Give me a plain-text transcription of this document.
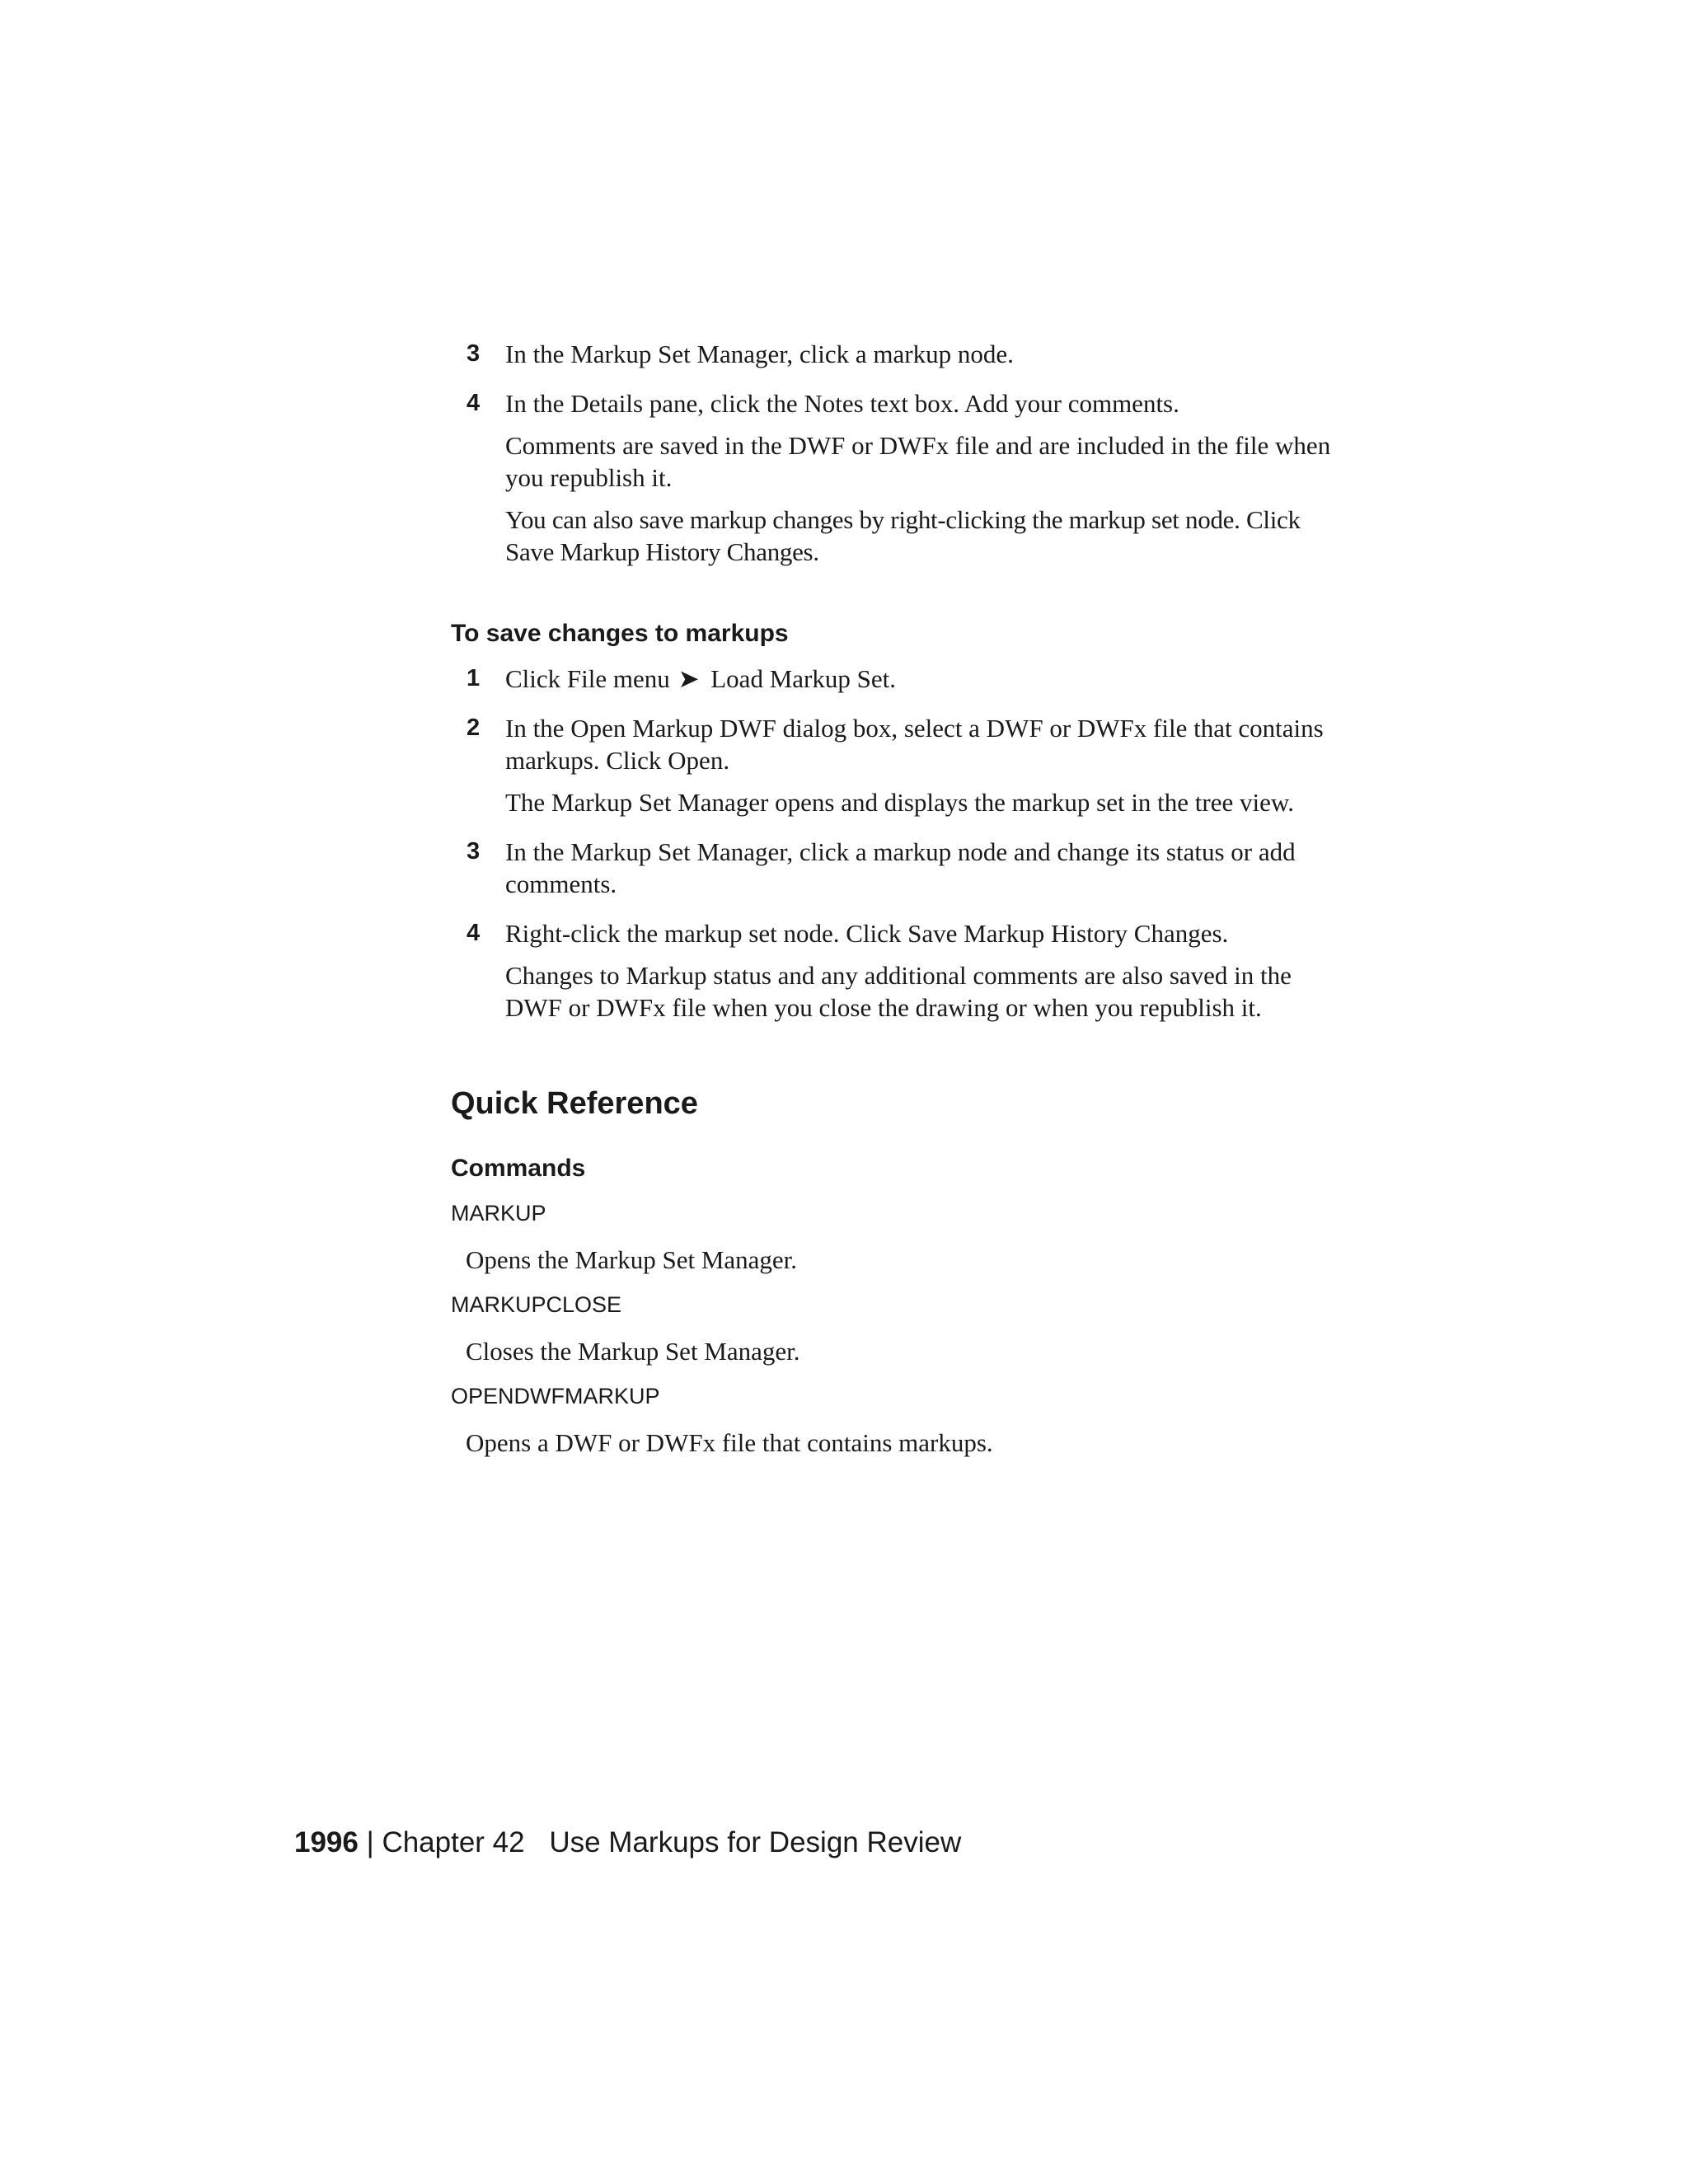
3 In the Markup Set Manager, click a markup node.

4 In the Details pane, click the Notes text box. Add your comments.

Comments are saved in the DWF or DWFx file and are included in the file when you republish it.

You can also save markup changes by right-clicking the markup set node. Click Save Markup History Changes.

To save changes to markups
1 Click File menu ➤ Load Markup Set.

2 In the Open Markup DWF dialog box, select a DWF or DWFx file that contains markups. Click Open.

The Markup Set Manager opens and displays the markup set in the tree view.

3 In the Markup Set Manager, click a markup node and change its status or add comments.

4 Right-click the markup set node. Click Save Markup History Changes.

Changes to Markup status and any additional comments are also saved in the DWF or DWFx file when you close the drawing or when you republish it.

Quick Reference
Commands
MARKUP
Opens the Markup Set Manager.
MARKUPCLOSE
Closes the Markup Set Manager.
OPENDWFMARKUP
Opens a DWF or DWFx file that contains markups.
1996 | Chapter 42 Use Markups for Design Review
